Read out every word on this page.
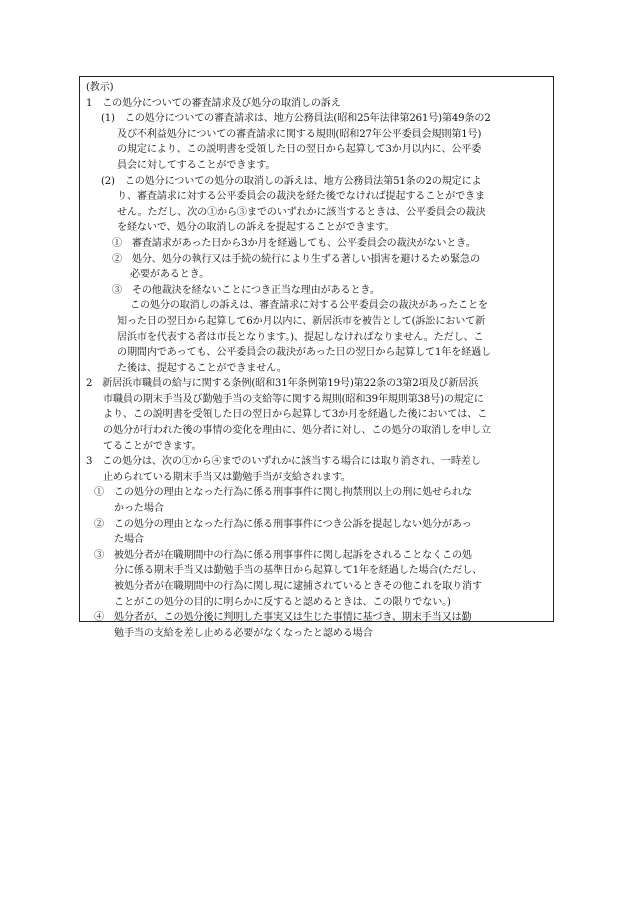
(教示)
1　この処分についての審査請求及び処分の取消しの訴え
(1)　この処分についての審査請求は、地方公務員法(昭和25年法律第261号)第49条の2
及び不利益処分についての審査請求に関する規則(昭和27年公平委員会規則第1号)
の規定により、この説明書を受領した日の翌日から起算して3か月以内に、公平委
員会に対してすることができます。
(2)　この処分についての処分の取消しの訴えは、地方公務員法第51条の2の規定によ
り、審査請求に対する公平委員会の裁決を経た後でなければ提起することができま
せん。ただし、次の①から③までのいずれかに該当するときは、公平委員会の裁決
を経ないで、処分の取消しの訴えを提起することができます。
①　審査請求があった日から3か月を経過しても、公平委員会の裁決がないとき。
②　処分、処分の執行又は手続の続行により生ずる著しい損害を避けるため緊急の
必要があるとき。
③　その他裁決を経ないことにつき正当な理由があるとき。
この処分の取消しの訴えは、審査請求に対する公平委員会の裁決があったことを
知った日の翌日から起算して6か月以内に、新居浜市を被告として(訴訟において新
居浜市を代表する者は市長となります。)、提起しなければなりません。ただし、こ
の期間内であっても、公平委員会の裁決があった日の翌日から起算して1年を経過し
た後は、提起することができません。
2　新居浜市職員の給与に関する条例(昭和31年条例第19号)第22条の3第2項及び新居浜
市職員の期末手当及び勤勉手当の支給等に関する規則(昭和39年規則第38号)の規定に
より、この説明書を受領した日の翌日から起算して3か月を経過した後においては、こ
の処分が行われた後の事情の変化を理由に、処分者に対し、この処分の取消しを申し立
てることができます。
3　この処分は、次の①から④までのいずれかに該当する場合には取り消され、一時差し
止められている期末手当又は勤勉手当が支給されます。
①　この処分の理由となった行為に係る刑事事件に関し拘禁刑以上の刑に処せられな
かった場合
②　この処分の理由となった行為に係る刑事事件につき公訴を提起しない処分があっ
た場合
③　被処分者が在職期間中の行為に係る刑事事件に関し起訴をされることなくこの処
分に係る期末手当又は勤勉手当の基準日から起算して1年を経過した場合(ただし、
被処分者が在職期間中の行為に関し現に逮捕されているときその他これを取り消す
ことがこの処分の目的に明らかに反すると認めるときは、この限りでない。)
④　処分者が、この処分後に判明した事実又は生じた事情に基づき、期末手当又は勤
勉手当の支給を差し止める必要がなくなったと認める場合
